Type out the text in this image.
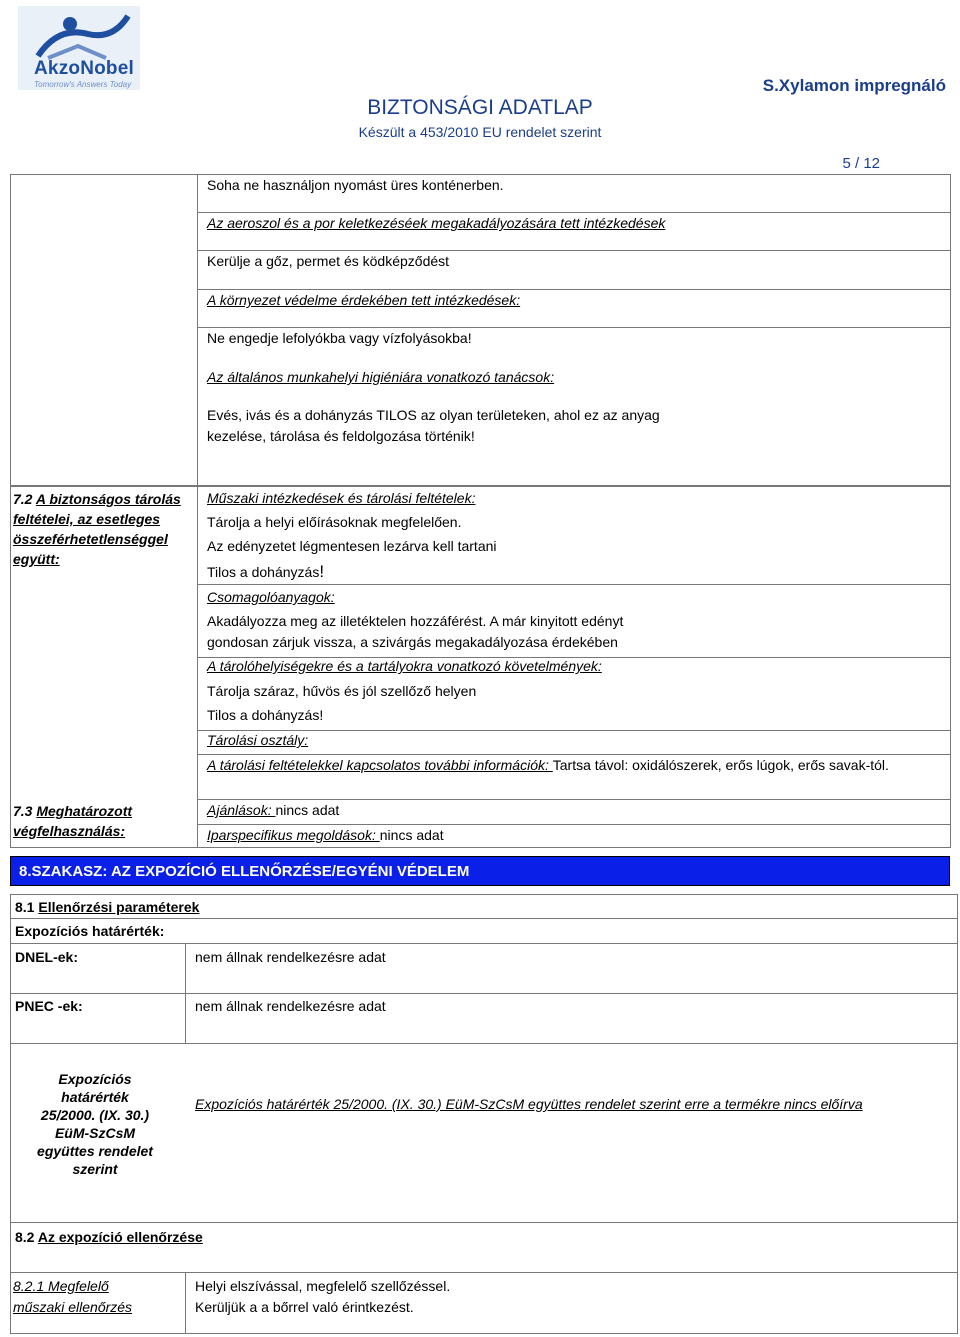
AkzoNobel
Tomorrow's Answers Today
BIZTONSÁGI ADATLAP
Készült a 453/2010 EU rendelet szerint
S.Xylamon impregnáló
5 / 12
Soha ne használjon nyomást üres konténerben.
Az aeroszol és a por keletkezéséek megakadályozására tett intézkedések
Kerülje a gőz, permet és ködképződést
A környezet védelme érdekében tett intézkedések:
Ne engedje lefolyókba vagy vízfolyásokba!
Az általános munkahelyi higiéniára vonatkozó tanácsok:
Evés, ivás és a dohányzás TILOS az olyan területeken, ahol ez az anyag
kezelése, tárolása és feldolgozása történik!
7.2 A biztonságos tárolás feltételei, az esetleges összeférhetetlenséggel együtt:
7.3 Meghatározott végfelhasználás:
Műszaki intézkedések és tárolási feltételek:
Tárolja a helyi előírásoknak megfelelően.
Az edényzetet légmentesen lezárva kell tartani
Tilos a dohányzás!
Csomagolóanyagok:
Akadályozza meg az illetéktelen hozzáférést. A már kinyitott edényt
gondosan zárjuk vissza, a szivárgás megakadályozása érdekében
A tárolóhelyiségekre és a tartályokra vonatkozó követelmények:
Tárolja száraz, hűvös és jól szellőző helyen
Tilos a dohányzás!
Tárolási osztály:
A tárolási feltételekkel kapcsolatos további információk: Tartsa távol: oxidálószerek, erős lúgok, erős savak-tól.
Ajánlások: nincs adat
Iparspecifikus megoldások: nincs adat
8.SZAKASZ: AZ EXPOZÍCIÓ ELLENŐRZÉSE/EGYÉNI VÉDELEM
8.1 Ellenőrzési paraméterek
Expozíciós határérték:
DNEL-ek:	nem állnak rendelkezésre adat
PNEC -ek:	nem állnak rendelkezésre adat
Expozíciós
határérték
25/2000. (IX. 30.)
EüM-SzCsM
együttes rendelet
szerint
Expozíciós határérték 25/2000. (IX. 30.) EüM-SzCsM együttes rendelet szerint erre a termékre nincs előírva
8.2 Az expozíció ellenőrzése
8.2.1 Megfelelő
műszaki ellenőrzés
Helyi elszívással, megfelelő szellőzéssel.
Kerüljük a a bőrrel való érintkezést.
